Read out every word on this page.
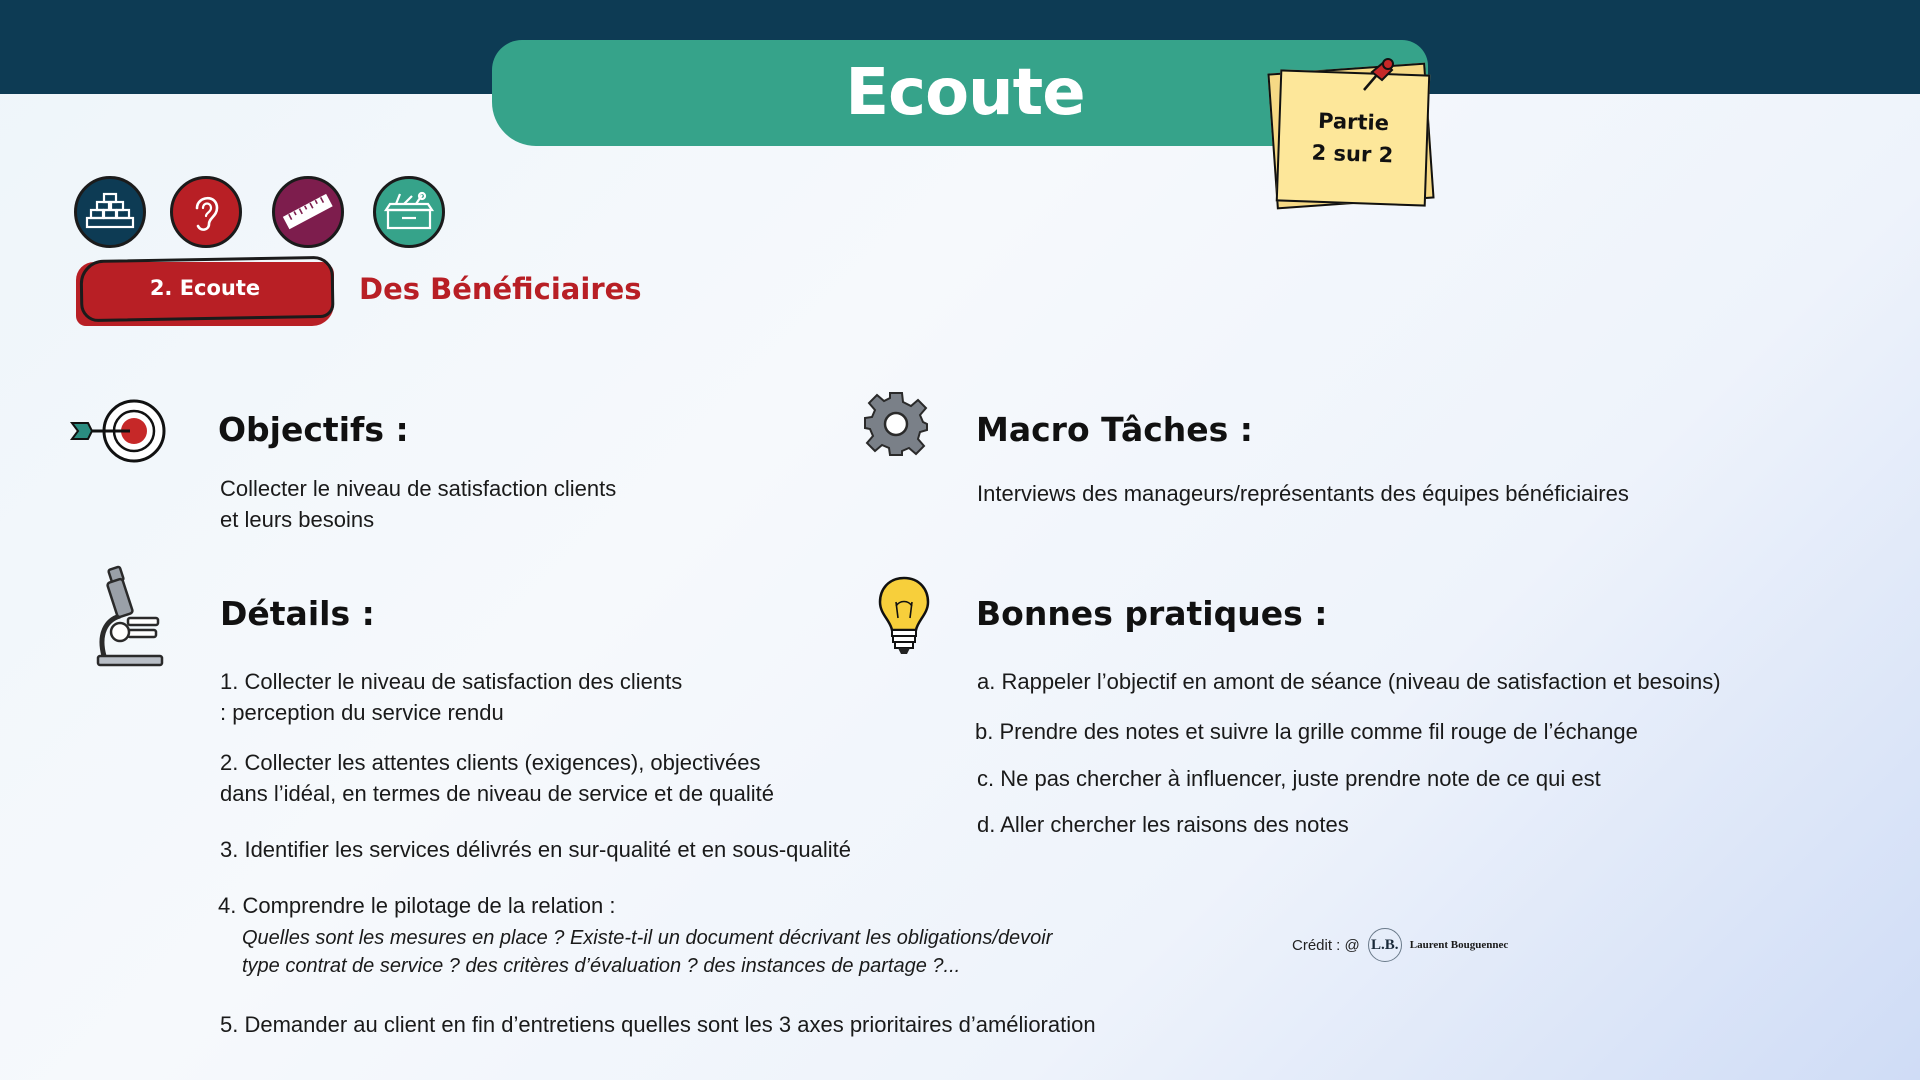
Ecoute	Partie
2 sur 2
2. Ecoute	Des Bénéficiaires
Objectifs :
Collecter le niveau de satisfaction clients
et leurs besoins
Macro Tâches :
Interviews des manageurs/représentants des équipes bénéficiaires
Détails :
1. Collecter le niveau de satisfaction des clients
: perception du service rendu
2. Collecter les attentes clients (exigences), objectivées
dans l’idéal, en termes de niveau de service et de qualité
3. Identifier les services délivrés en sur-qualité et en sous-qualité
4. Comprendre le pilotage de la relation :
Quelles sont les mesures en place ? Existe-t-il un document décrivant les obligations/devoir
type contrat de service ? des critères d’évaluation ? des instances de partage ?...
5. Demander au client en fin d’entretiens quelles sont les 3 axes prioritaires d’amélioration
Bonnes pratiques :
a. Rappeler l’objectif en amont de séance (niveau de satisfaction et besoins)
b. Prendre des notes et suivre la grille comme fil rouge de l’échange
c. Ne pas chercher à influencer, juste prendre note de ce qui est
d. Aller chercher les raisons des notes
Crédit : @ L.B. Laurent Bouguennec
